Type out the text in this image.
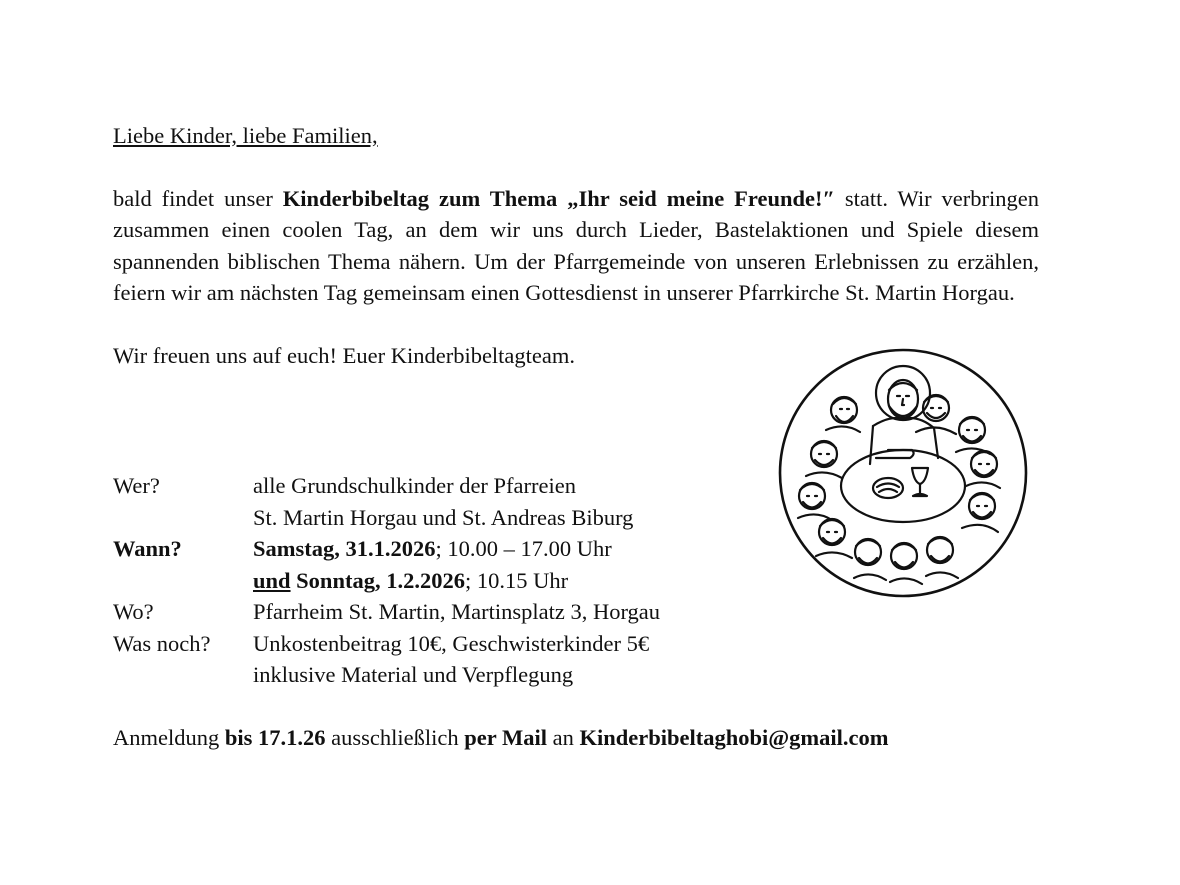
Liebe Kinder, liebe Familien,

bald findet unser Kinderbibeltag zum Thema „Ihr seid meine Freunde!″ statt. Wir verbringen zusammen einen coolen Tag, an dem wir uns durch Lieder, Bastelaktionen und Spiele diesem spannenden biblischen Thema nähern. Um der Pfarrgemeinde von unseren Erlebnissen zu erzählen, feiern wir am nächsten Tag gemeinsam einen Gottesdienst in unserer Pfarrkirche St. Martin Horgau.

Wir freuen uns auf euch! Euer Kinderbibeltagteam.

Wer?	alle Grundschulkinder der Pfarreien
St. Martin Horgau und St. Andreas Biburg
Wann?	Samstag, 31.1.2026; 10.00 – 17.00 Uhr
und Sonntag, 1.2.2026; 10.15 Uhr
Wo?	Pfarrheim St. Martin, Martinsplatz 3, Horgau
Was noch?	Unkostenbeitrag 10€, Geschwisterkinder 5€
inklusive Material und Verpflegung
Anmeldung bis 17.1.26 ausschließlich per Mail an Kinderbibeltaghobi@gmail.com
